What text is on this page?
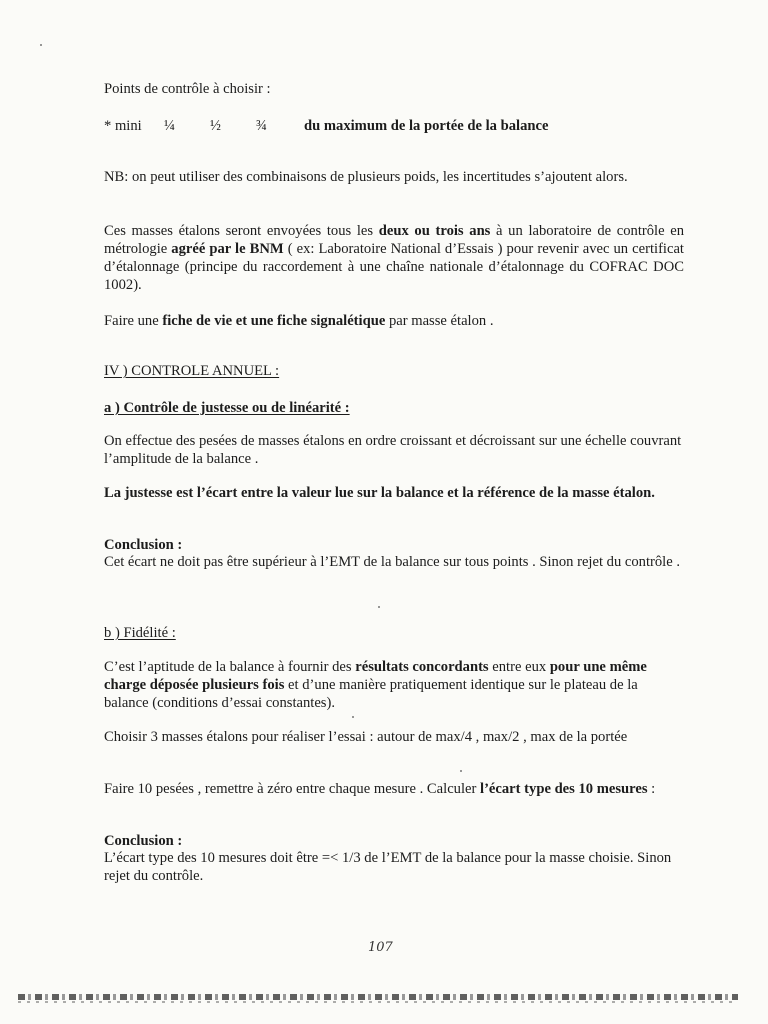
Points de contrôle à choisir :

* mini ¼ ½ ¾	du maximum de la portée de la balance

NB: on peut utiliser des combinaisons de plusieurs poids, les incertitudes s’ajoutent alors.

Ces masses étalons seront envoyées tous les deux ou trois ans à un laboratoire de contrôle en métrologie agréé par le BNM ( ex: Laboratoire National d’Essais ) pour revenir avec un certificat d’étalonnage (principe du raccordement à une chaîne nationale d’étalonnage du COFRAC DOC 1002).

Faire une fiche de vie et une fiche signalétique par masse étalon .

IV ) CONTROLE ANNUEL :

a ) Contrôle de justesse ou de linéarité :

On effectue des pesées de masses étalons en ordre croissant et décroissant sur une échelle couvrant l’amplitude de la balance .

La justesse est l’écart entre la valeur lue sur la balance et la référence de la masse étalon.

Conclusion :

Cet écart ne doit pas être supérieur à l’EMT de la balance sur tous points . Sinon rejet du contrôle .

b ) Fidélité :

C’est l’aptitude de la balance à fournir des résultats concordants entre eux pour une même charge déposée plusieurs fois et d’une manière pratiquement identique sur le plateau de la balance (conditions d’essai constantes).

Choisir 3 masses étalons pour réaliser l’essai : autour de max/4 , max/2 , max de la portée

Faire 10 pesées , remettre à zéro entre chaque mesure . Calculer l’écart type des 10 mesures :

Conclusion :

L’écart type des 10 mesures doit être =< 1/3 de l’EMT de la balance pour la masse choisie. Sinon rejet du contrôle.

107
